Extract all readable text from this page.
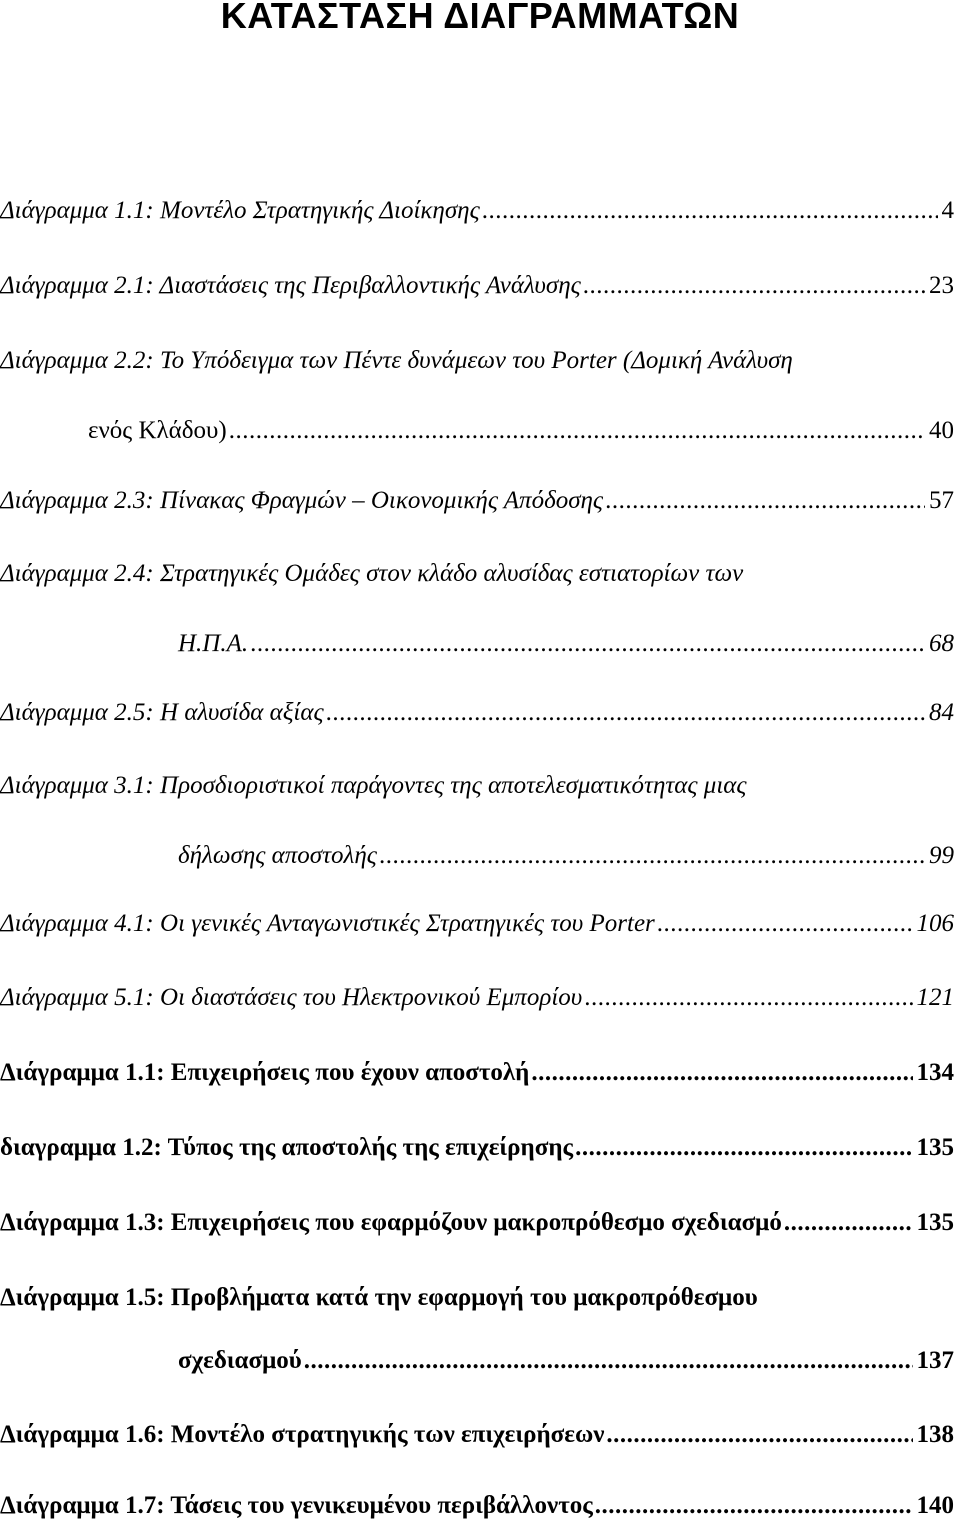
ΚΑΤΑΣΤΑΣΗ ΔΙΑΓΡΑΜΜΑΤΩΝ
Διάγραμμα 1.1: Μοντέλο Στρατηγικής Διοίκησης .....	4
Διάγραμμα 2.1: Διαστάσεις της Περιβαλλοντικής Ανάλυσης .....	23
Διάγραμμα 2.2: Το Υπόδειγμα των Πέντε δυνάμεων του Porter (Δομική Ανάλυση
ενός Κλάδου) .....	40
Διάγραμμα 2.3: Πίνακας Φραγμών – Οικονομικής Απόδοσης .....	57
Διάγραμμα 2.4: Στρατηγικές Ομάδες στον κλάδο αλυσίδας εστιατορίων των
Η.Π.Α. .....	68
Διάγραμμα 2.5: Η αλυσίδα αξίας .....	84
Διάγραμμα 3.1: Προσδιοριστικοί παράγοντες της αποτελεσματικότητας μιας
δήλωσης αποστολής .....	99
Διάγραμμα 4.1: Οι γενικές Ανταγωνιστικές Στρατηγικές του Porter .....	106
Διάγραμμα 5.1: Οι διαστάσεις του Ηλεκτρονικού Εμπορίου .....	121
Διάγραμμα 1.1: Επιχειρήσεις που έχουν αποστολή .....	134
διαγραμμα 1.2: Τύπος της αποστολής της επιχείρησης .....	135
Διάγραμμα 1.3: Επιχειρήσεις που εφαρμόζουν μακροπρόθεσμο σχεδιασμό .....	135
Διάγραμμα 1.5: Προβλήματα κατά την εφαρμογή του μακροπρόθεσμου
σχεδιασμού .....	137
Διάγραμμα 1.6: Μοντέλο στρατηγικής των επιχειρήσεων .....	138
Διάγραμμα 1.7: Τάσεις του γενικευμένου περιβάλλοντος .....	140
